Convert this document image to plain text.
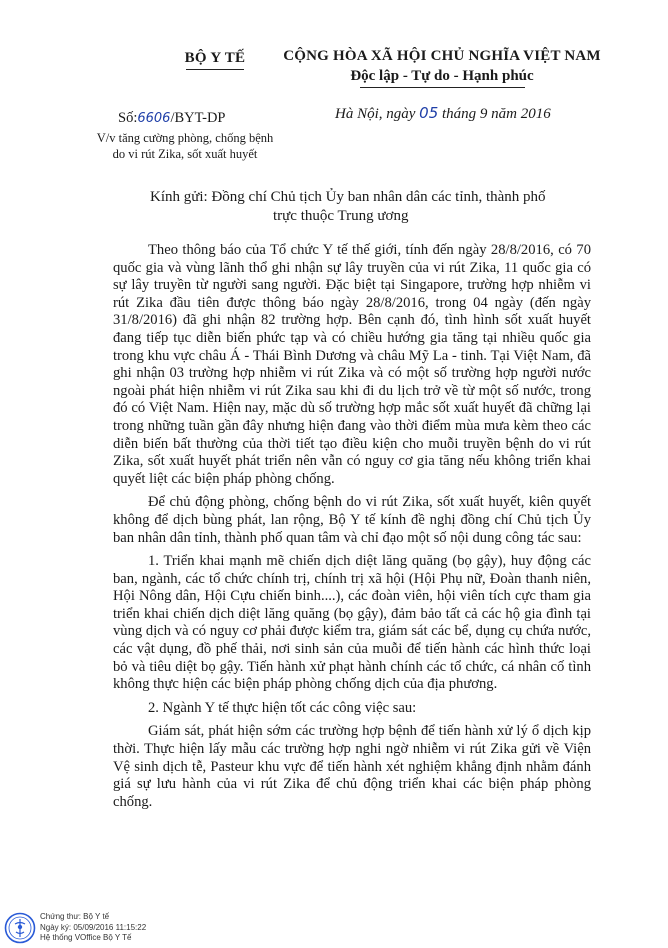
BỘ Y TẾ	CỘNG HÒA XÃ HỘI CHỦ NGHĨA VIỆT NAM
Độc lập - Tự do - Hạnh phúc
Số:6606/BYT-DP
V/v tăng cường phòng, chống bệnh
do vi rút Zika, sốt xuất huyết
Hà Nội, ngày 05 tháng 9 năm 2016
Kính gửi: Đồng chí Chủ tịch Ủy ban nhân dân các tỉnh, thành phố
trực thuộc Trung ương

Theo thông báo của Tổ chức Y tế thế giới, tính đến ngày 28/8/2016, có 70 quốc gia và vùng lãnh thổ ghi nhận sự lây truyền của vi rút Zika, 11 quốc gia có sự lây truyền từ người sang người. Đặc biệt tại Singapore, trường hợp nhiễm vi rút Zika đầu tiên được thông báo ngày 28/8/2016, trong 04 ngày (đến ngày 31/8/2016) đã ghi nhận 82 trường hợp. Bên cạnh đó, tình hình sốt xuất huyết đang tiếp tục diễn biến phức tạp và có chiều hướng gia tăng tại nhiều quốc gia trong khu vực châu Á - Thái Bình Dương và châu Mỹ La - tinh. Tại Việt Nam, đã ghi nhận 03 trường hợp nhiễm vi rút Zika và có một số trường hợp người nước ngoài phát hiện nhiễm vi rút Zika sau khi đi du lịch trở về từ một số nước, trong đó có Việt Nam. Hiện nay, mặc dù số trường hợp mắc sốt xuất huyết đã chững lại trong những tuần gần đây nhưng hiện đang vào thời điểm mùa mưa kèm theo các diễn biến bất thường của thời tiết tạo điều kiện cho muỗi truyền bệnh do vi rút Zika, sốt xuất huyết phát triển nên vẫn có nguy cơ gia tăng nếu không triển khai quyết liệt các biện pháp phòng chống.

Để chủ động phòng, chống bệnh do vi rút Zika, sốt xuất huyết, kiên quyết không để dịch bùng phát, lan rộng, Bộ Y tế kính đề nghị đồng chí Chủ tịch Ủy ban nhân dân tỉnh, thành phố quan tâm và chỉ đạo một số nội dung công tác sau:

1. Triển khai mạnh mẽ chiến dịch diệt lăng quăng (bọ gậy), huy động các ban, ngành, các tổ chức chính trị, chính trị xã hội (Hội Phụ nữ, Đoàn thanh niên, Hội Nông dân, Hội Cựu chiến binh....), các đoàn viên, hội viên tích cực tham gia triển khai chiến dịch diệt lăng quăng (bọ gậy), đảm bảo tất cả các hộ gia đình tại vùng dịch và có nguy cơ phải được kiểm tra, giám sát các bể, dụng cụ chứa nước, các vật dụng, đồ phế thải, nơi sinh sản của muỗi để tiến hành các hình thức loại bỏ và tiêu diệt bọ gậy. Tiến hành xử phạt hành chính các tổ chức, cá nhân cố tình không thực hiện các biện pháp phòng chống dịch của địa phương.

2. Ngành Y tế thực hiện tốt các công việc sau:

Giám sát, phát hiện sớm các trường hợp bệnh để tiến hành xử lý ổ dịch kịp thời. Thực hiện lấy mẫu các trường hợp nghi ngờ nhiễm vi rút Zika gửi về Viện Vệ sinh dịch tễ, Pasteur khu vực để tiến hành xét nghiệm khẳng định nhằm đánh giá sự lưu hành của vi rút Zika để chủ động triển khai các biện pháp phòng chống.

Chứng thư: Bộ Y tế
Ngày ký: 05/09/2016 11:15:22
Hệ thống VOffice Bộ Y Tế
